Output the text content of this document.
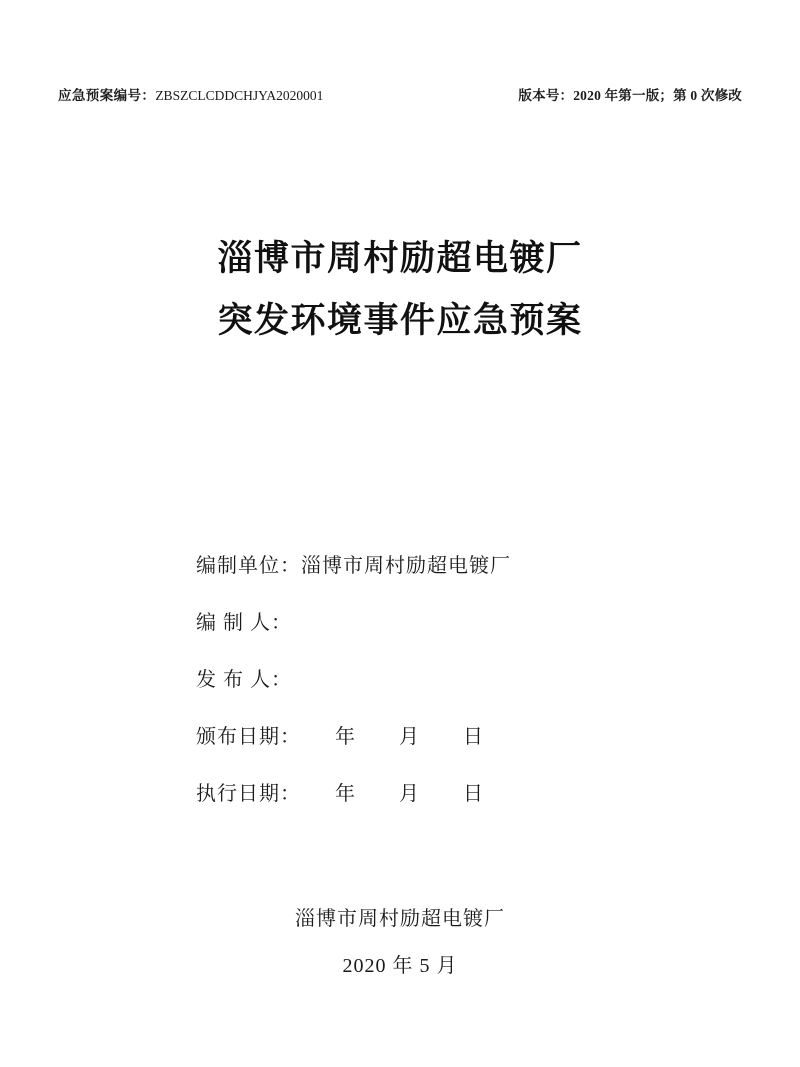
应急预案编号：ZBSZCLCDDCHJYA2020001	版本号：2020 年第一版；第 0 次修改
淄博市周村励超电镀厂
突发环境事件应急预案
编制单位：淄博市周村励超电镀厂
编 制 人：
发 布 人：
颁布日期： 年 月 日
执行日期： 年 月 日
淄博市周村励超电镀厂
2020 年 5 月
